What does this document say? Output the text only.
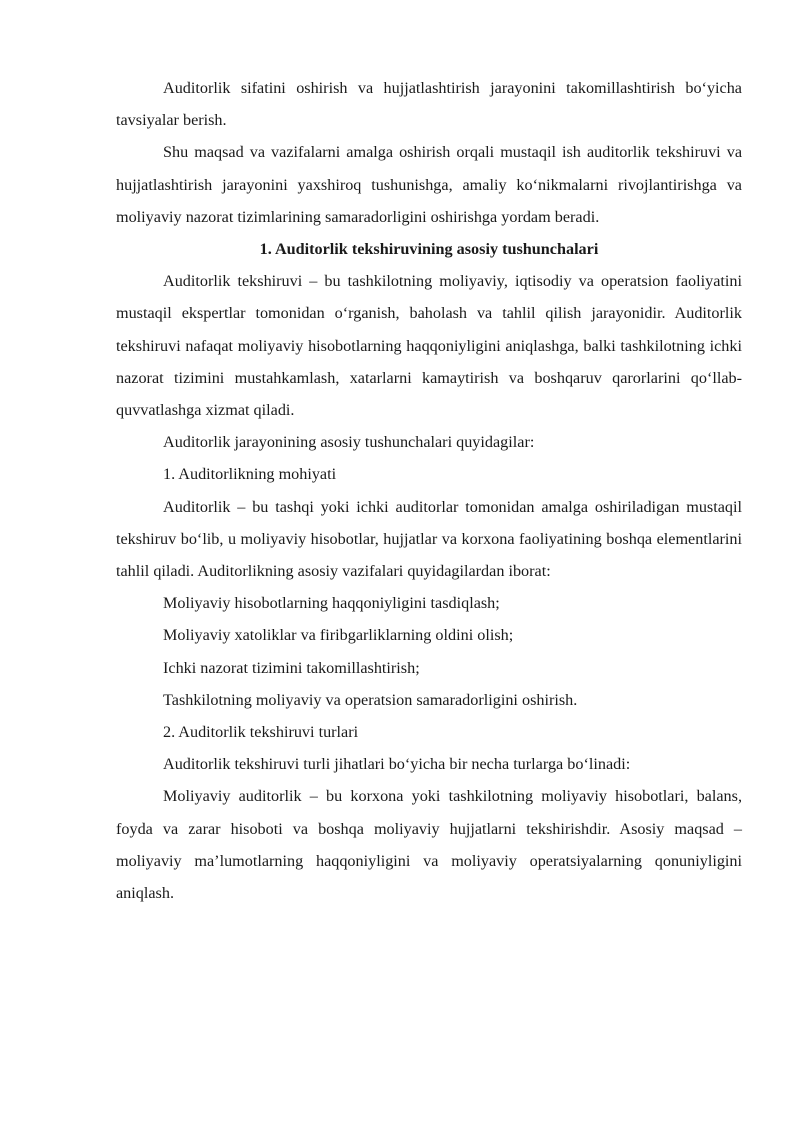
Auditorlik sifatini oshirish va hujjatlashtirish jarayonini takomillashtirish bo‘yicha tavsiyalar berish.

Shu maqsad va vazifalarni amalga oshirish orqali mustaqil ish auditorlik tekshiruvi va hujjatlashtirish jarayonini yaxshiroq tushunishga, amaliy ko‘nikmalarni rivojlantirishga va moliyaviy nazorat tizimlarining samaradorligini oshirishga yordam beradi.

1. Auditorlik tekshiruvining asosiy tushunchalari

Auditorlik tekshiruvi – bu tashkilotning moliyaviy, iqtisodiy va operatsion faoliyatini mustaqil ekspertlar tomonidan o‘rganish, baholash va tahlil qilish jarayonidir. Auditorlik tekshiruvi nafaqat moliyaviy hisobotlarning haqqoniyligini aniqlashga, balki tashkilotning ichki nazorat tizimini mustahkamlash, xatarlarni kamaytirish va boshqaruv qarorlarini qo‘llab-quvvatlashga xizmat qiladi.

Auditorlik jarayonining asosiy tushunchalari quyidagilar:

1. Auditorlikning mohiyati

Auditorlik – bu tashqi yoki ichki auditorlar tomonidan amalga oshiriladigan mustaqil tekshiruv bo‘lib, u moliyaviy hisobotlar, hujjatlar va korxona faoliyatining boshqa elementlarini tahlil qiladi. Auditorlikning asosiy vazifalari quyidagilardan iborat:

Moliyaviy hisobotlarning haqqoniyligini tasdiqlash;

Moliyaviy xatoliklar va firibgarliklarning oldini olish;

Ichki nazorat tizimini takomillashtirish;

Tashkilotning moliyaviy va operatsion samaradorligini oshirish.

2. Auditorlik tekshiruvi turlari

Auditorlik tekshiruvi turli jihatlari bo‘yicha bir necha turlarga bo‘linadi:

Moliyaviy auditorlik – bu korxona yoki tashkilotning moliyaviy hisobotlari, balans, foyda va zarar hisoboti va boshqa moliyaviy hujjatlarni tekshirishdir. Asosiy maqsad – moliyaviy ma’lumotlarning haqqoniyligini va moliyaviy operatsiyalarning qonuniyligini aniqlash.
